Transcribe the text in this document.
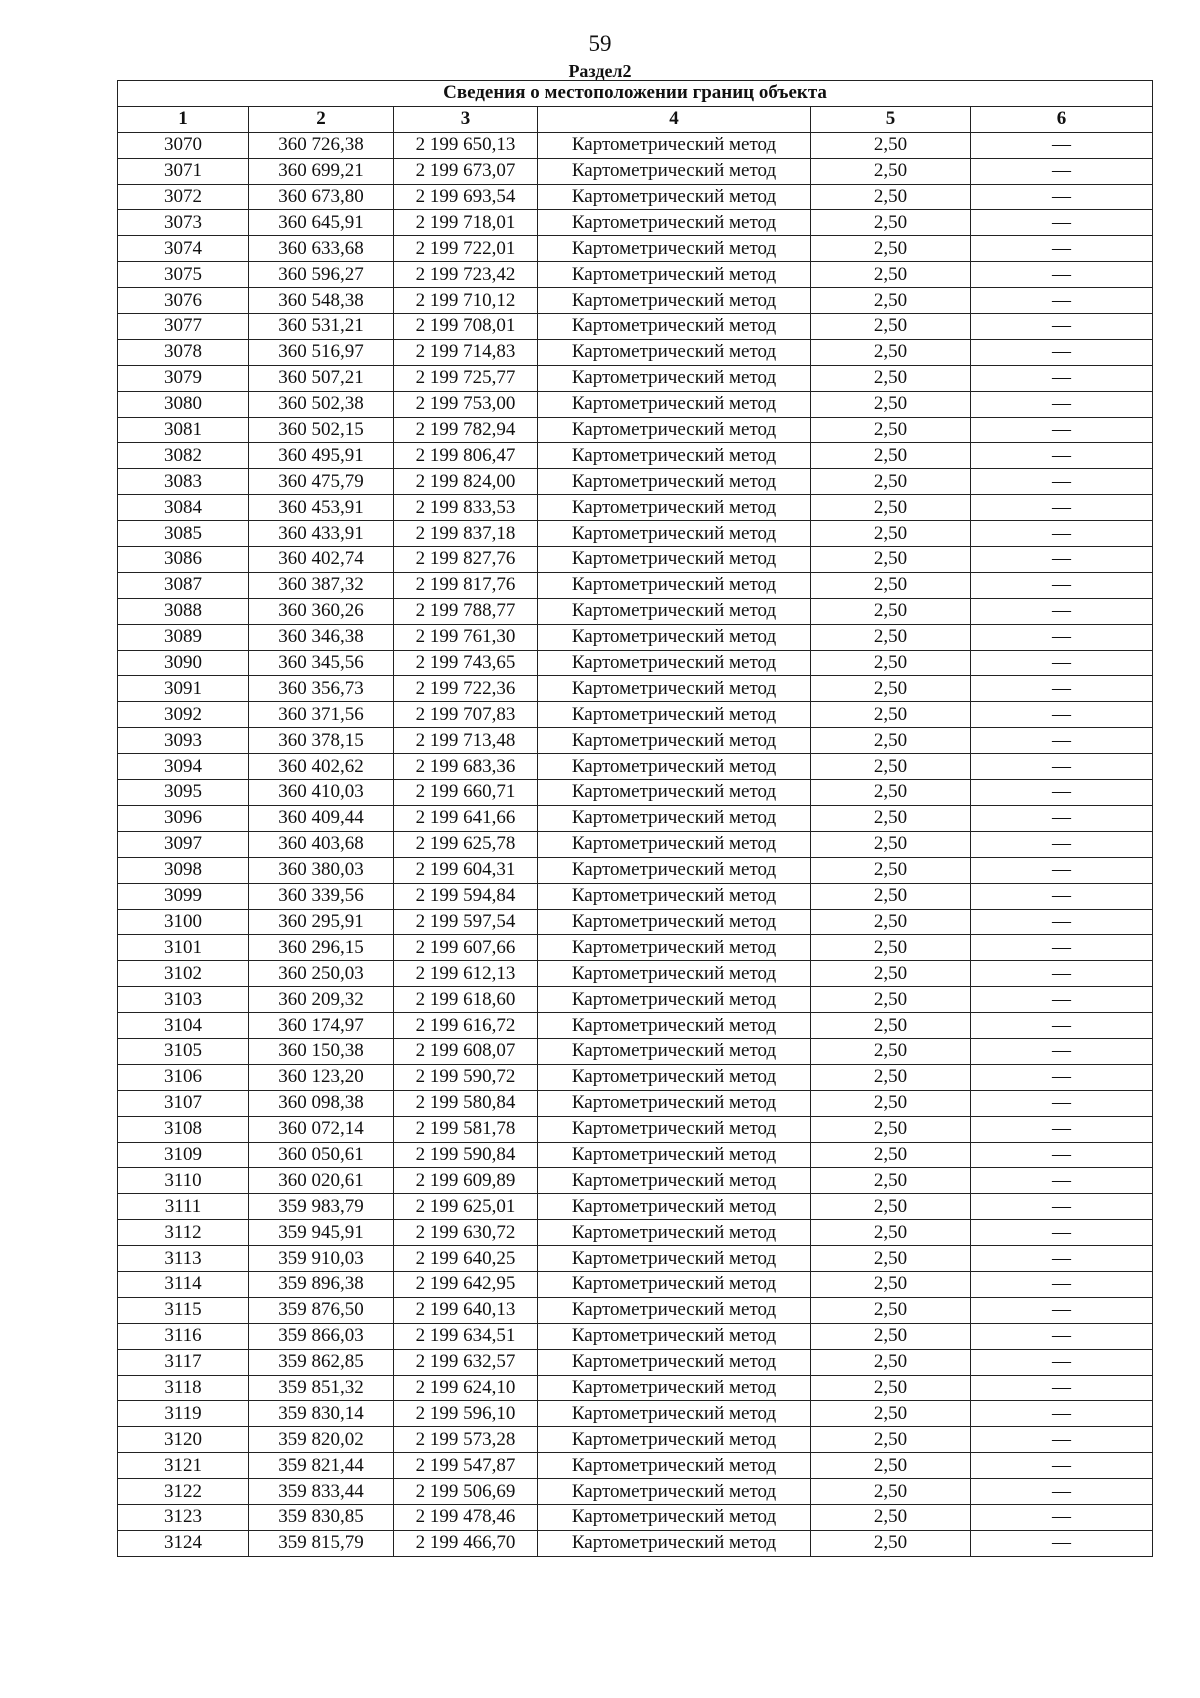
59
Раздел2
Сведения о местоположении границ объекта					
1	2	3	4	5	6
3070	360 726,38	2 199 650,13	Картометрический метод	2,50	—
3071	360 699,21	2 199 673,07	Картометрический метод	2,50	—
3072	360 673,80	2 199 693,54	Картометрический метод	2,50	—
3073	360 645,91	2 199 718,01	Картометрический метод	2,50	—
3074	360 633,68	2 199 722,01	Картометрический метод	2,50	—
3075	360 596,27	2 199 723,42	Картометрический метод	2,50	—
3076	360 548,38	2 199 710,12	Картометрический метод	2,50	—
3077	360 531,21	2 199 708,01	Картометрический метод	2,50	—
3078	360 516,97	2 199 714,83	Картометрический метод	2,50	—
3079	360 507,21	2 199 725,77	Картометрический метод	2,50	—
3080	360 502,38	2 199 753,00	Картометрический метод	2,50	—
3081	360 502,15	2 199 782,94	Картометрический метод	2,50	—
3082	360 495,91	2 199 806,47	Картометрический метод	2,50	—
3083	360 475,79	2 199 824,00	Картометрический метод	2,50	—
3084	360 453,91	2 199 833,53	Картометрический метод	2,50	—
3085	360 433,91	2 199 837,18	Картометрический метод	2,50	—
3086	360 402,74	2 199 827,76	Картометрический метод	2,50	—
3087	360 387,32	2 199 817,76	Картометрический метод	2,50	—
3088	360 360,26	2 199 788,77	Картометрический метод	2,50	—
3089	360 346,38	2 199 761,30	Картометрический метод	2,50	—
3090	360 345,56	2 199 743,65	Картометрический метод	2,50	—
3091	360 356,73	2 199 722,36	Картометрический метод	2,50	—
3092	360 371,56	2 199 707,83	Картометрический метод	2,50	—
3093	360 378,15	2 199 713,48	Картометрический метод	2,50	—
3094	360 402,62	2 199 683,36	Картометрический метод	2,50	—
3095	360 410,03	2 199 660,71	Картометрический метод	2,50	—
3096	360 409,44	2 199 641,66	Картометрический метод	2,50	—
3097	360 403,68	2 199 625,78	Картометрический метод	2,50	—
3098	360 380,03	2 199 604,31	Картометрический метод	2,50	—
3099	360 339,56	2 199 594,84	Картометрический метод	2,50	—
3100	360 295,91	2 199 597,54	Картометрический метод	2,50	—
3101	360 296,15	2 199 607,66	Картометрический метод	2,50	—
3102	360 250,03	2 199 612,13	Картометрический метод	2,50	—
3103	360 209,32	2 199 618,60	Картометрический метод	2,50	—
3104	360 174,97	2 199 616,72	Картометрический метод	2,50	—
3105	360 150,38	2 199 608,07	Картометрический метод	2,50	—
3106	360 123,20	2 199 590,72	Картометрический метод	2,50	—
3107	360 098,38	2 199 580,84	Картометрический метод	2,50	—
3108	360 072,14	2 199 581,78	Картометрический метод	2,50	—
3109	360 050,61	2 199 590,84	Картометрический метод	2,50	—
3110	360 020,61	2 199 609,89	Картометрический метод	2,50	—
3111	359 983,79	2 199 625,01	Картометрический метод	2,50	—
3112	359 945,91	2 199 630,72	Картометрический метод	2,50	—
3113	359 910,03	2 199 640,25	Картометрический метод	2,50	—
3114	359 896,38	2 199 642,95	Картометрический метод	2,50	—
3115	359 876,50	2 199 640,13	Картометрический метод	2,50	—
3116	359 866,03	2 199 634,51	Картометрический метод	2,50	—
3117	359 862,85	2 199 632,57	Картометрический метод	2,50	—
3118	359 851,32	2 199 624,10	Картометрический метод	2,50	—
3119	359 830,14	2 199 596,10	Картометрический метод	2,50	—
3120	359 820,02	2 199 573,28	Картометрический метод	2,50	—
3121	359 821,44	2 199 547,87	Картометрический метод	2,50	—
3122	359 833,44	2 199 506,69	Картометрический метод	2,50	—
3123	359 830,85	2 199 478,46	Картометрический метод	2,50	—
3124	359 815,79	2 199 466,70	Картометрический метод	2,50	—
